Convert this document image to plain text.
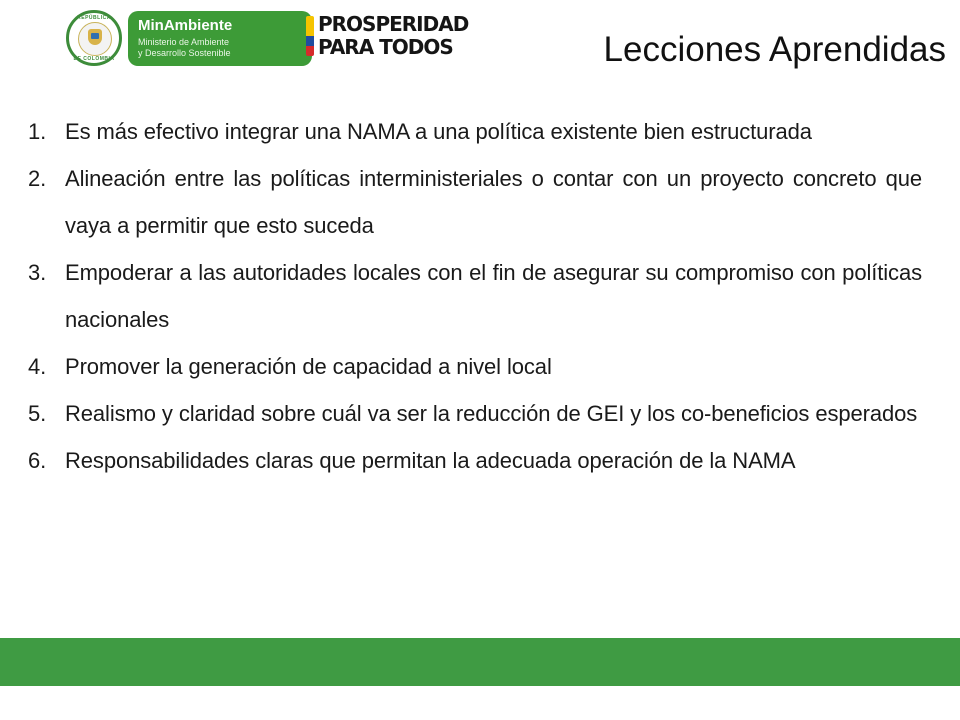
REPÚBLICA
DE COLOMBIA
MinAmbiente
Ministerio de Ambiente
y Desarrollo Sostenible
PROSPERIDAD
PARA TODOS	Lecciones Aprendidas
1. Es más efectivo integrar una NAMA a una política existente bien estructurada
2. Alineación entre las políticas interministeriales o contar con un proyecto concreto que vaya a permitir que esto suceda
3. Empoderar a las autoridades locales con el fin de asegurar su compromiso con políticas nacionales
4. Promover la generación de capacidad a nivel local
5. Realismo y claridad sobre cuál va ser la reducción de GEI y los co-beneficios esperados
6. Responsabilidades claras que permitan la adecuada operación de la NAMA
